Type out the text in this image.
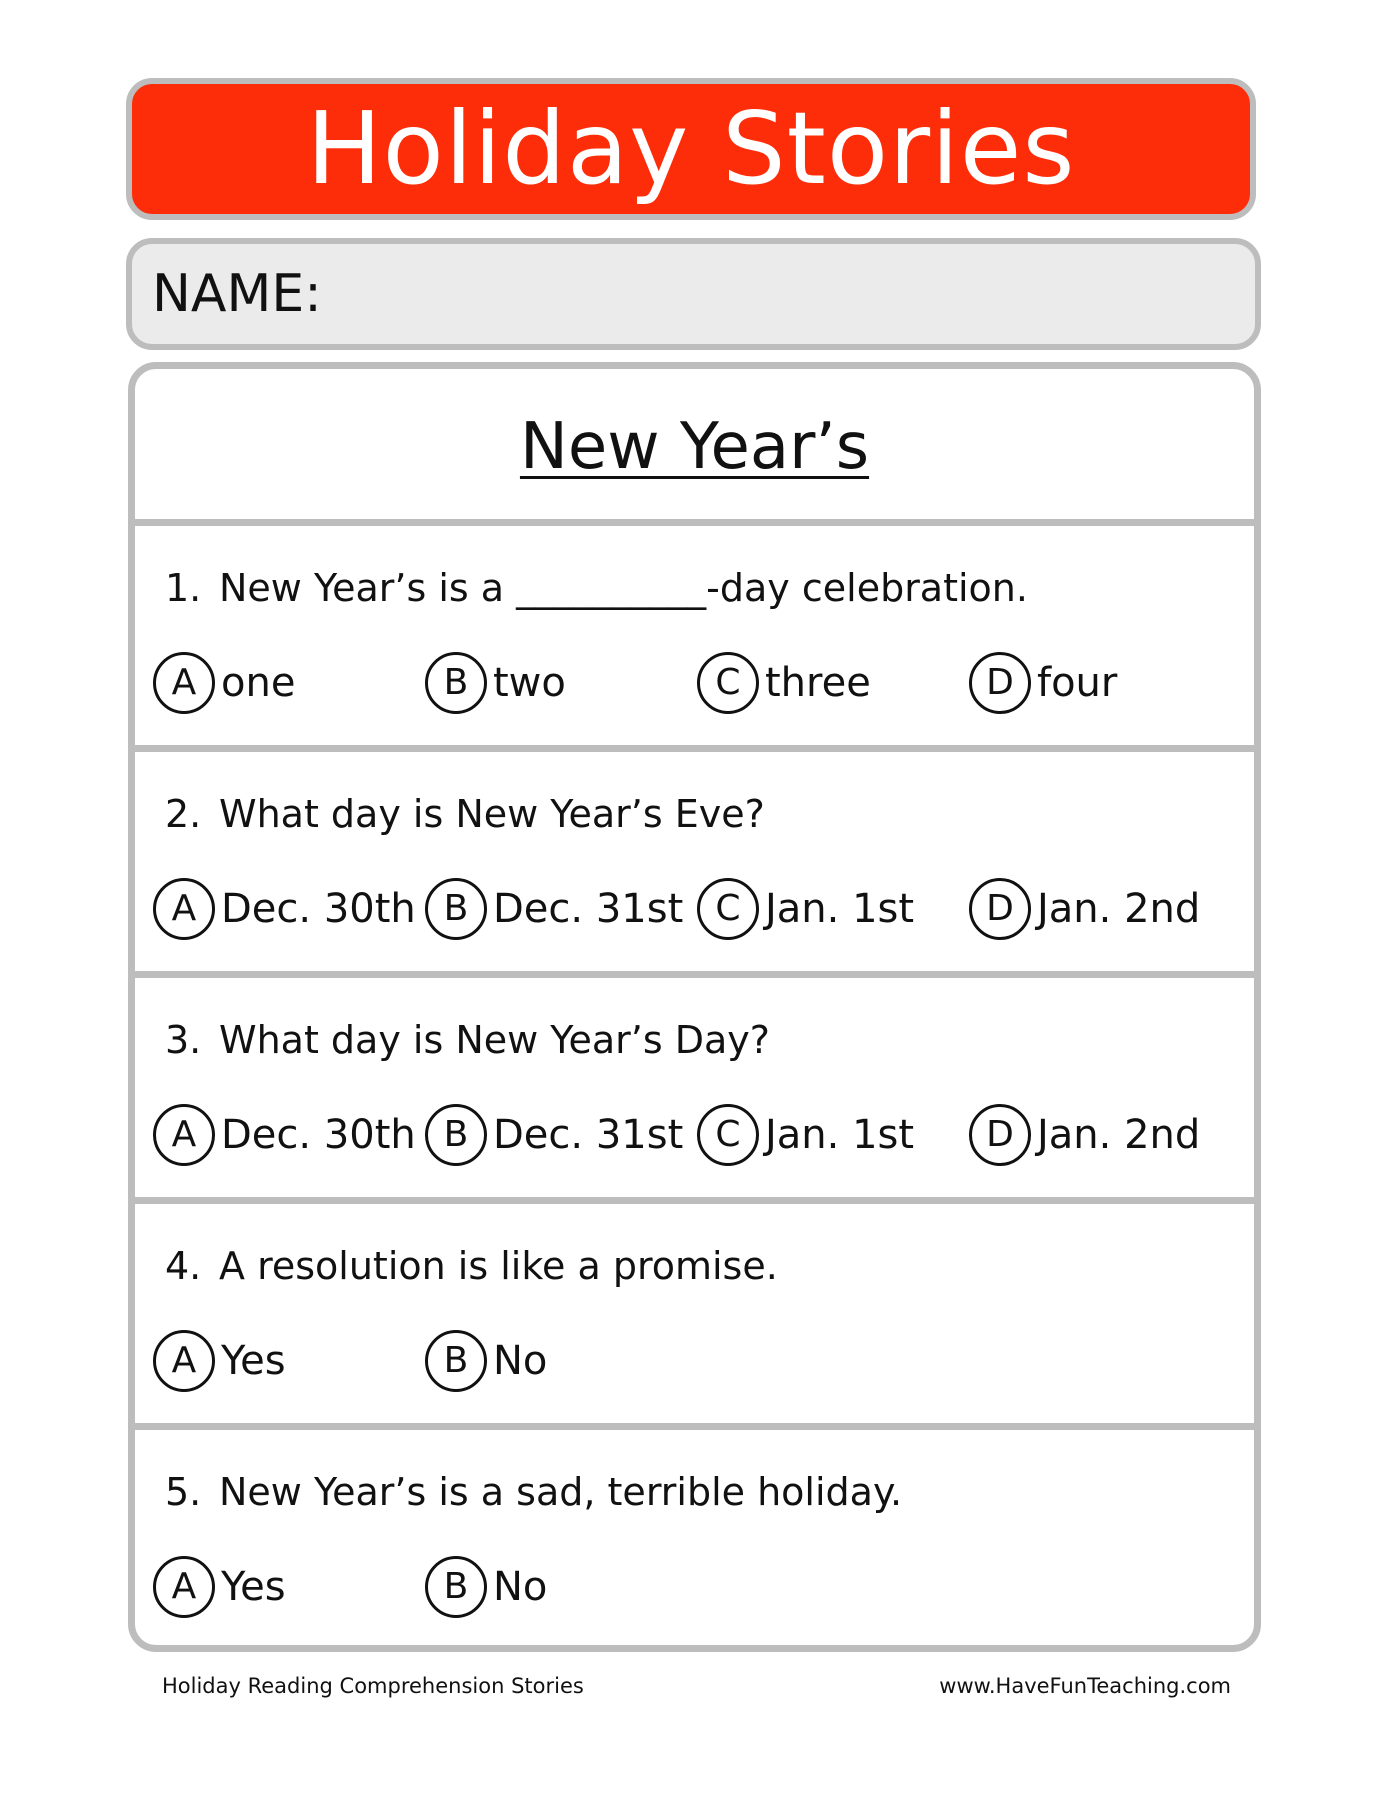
Holiday Stories
NAME:
New Year’s
1. New Year’s is a __________-day celebration.
A one	B two	C three	D four
2. What day is New Year’s Eve?
A Dec. 30th B Dec. 31st C Jan. 1st	D Jan. 2nd
3. What day is New Year’s Day?
A Dec. 30th B Dec. 31st C Jan. 1st	D Jan. 2nd
4. A resolution is like a promise.
A Yes	B No
5. New Year’s is a sad, terrible holiday.
A Yes	B No
Holiday Reading Comprehension Stories	www.HaveFunTeaching.com
